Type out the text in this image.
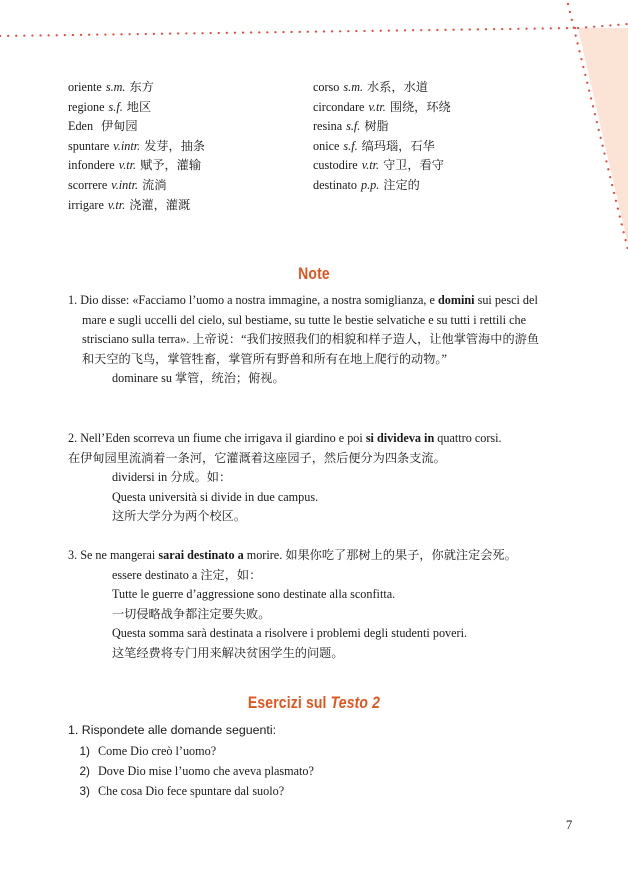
oriente s.m. 东方
regione s.f. 地区
Eden 伊甸园
spuntare v.intr. 发芽，抽条
infondere v.tr. 赋予，灌输
scorrere v.intr. 流淌
irrigare v.tr. 浇灌，灌溉
corso s.m. 水系，水道
circondare v.tr. 围绕，环绕
resina s.f. 树脂
onice s.f. 缟玛瑙，石华
custodire v.tr. 守卫，看守
destinato p.p. 注定的
Note
1. Dio disse: «Facciamo l’uomo a nostra immagine, a nostra somiglianza, e domini sui pesci del mare e sugli uccelli del cielo, sul bestiame, su tutte le bestie selvatiche e su tutti i rettili che strisciano sulla terra». 上帝说：“我们按照我们的相貌和样子造人，让他掌管海中的游鱼和天空的飞鸟，掌管牲畜，掌管所有野兽和所有在地上爬行的动物。”
dominare su 掌管，统治；俯视。
2. Nell’Eden scorreva un fiume che irrigava il giardino e poi si divideva in quattro corsi.
在伊甸园里流淌着一条河，它灌溉着这座园子，然后便分为四条支流。
dividersi in 分成。如：
Questa università si divide in due campus.
这所大学分为两个校区。
3. Se ne mangerai sarai destinato a morire. 如果你吃了那树上的果子，你就注定会死。
essere destinato a 注定，如：
Tutte le guerre d’aggressione sono destinate alla sconfitta.
一切侵略战争都注定要失败。
Questa somma sarà destinata a risolvere i problemi degli studenti poveri.
这笔经费将专门用来解决贫困学生的问题。
Esercizi sul Testo 2
1. Rispondete alle domande seguenti:
1) Come Dio creò l’uomo?
2) Dove Dio mise l’uomo che aveva plasmato?
3) Che cosa Dio fece spuntare dal suolo?
7
